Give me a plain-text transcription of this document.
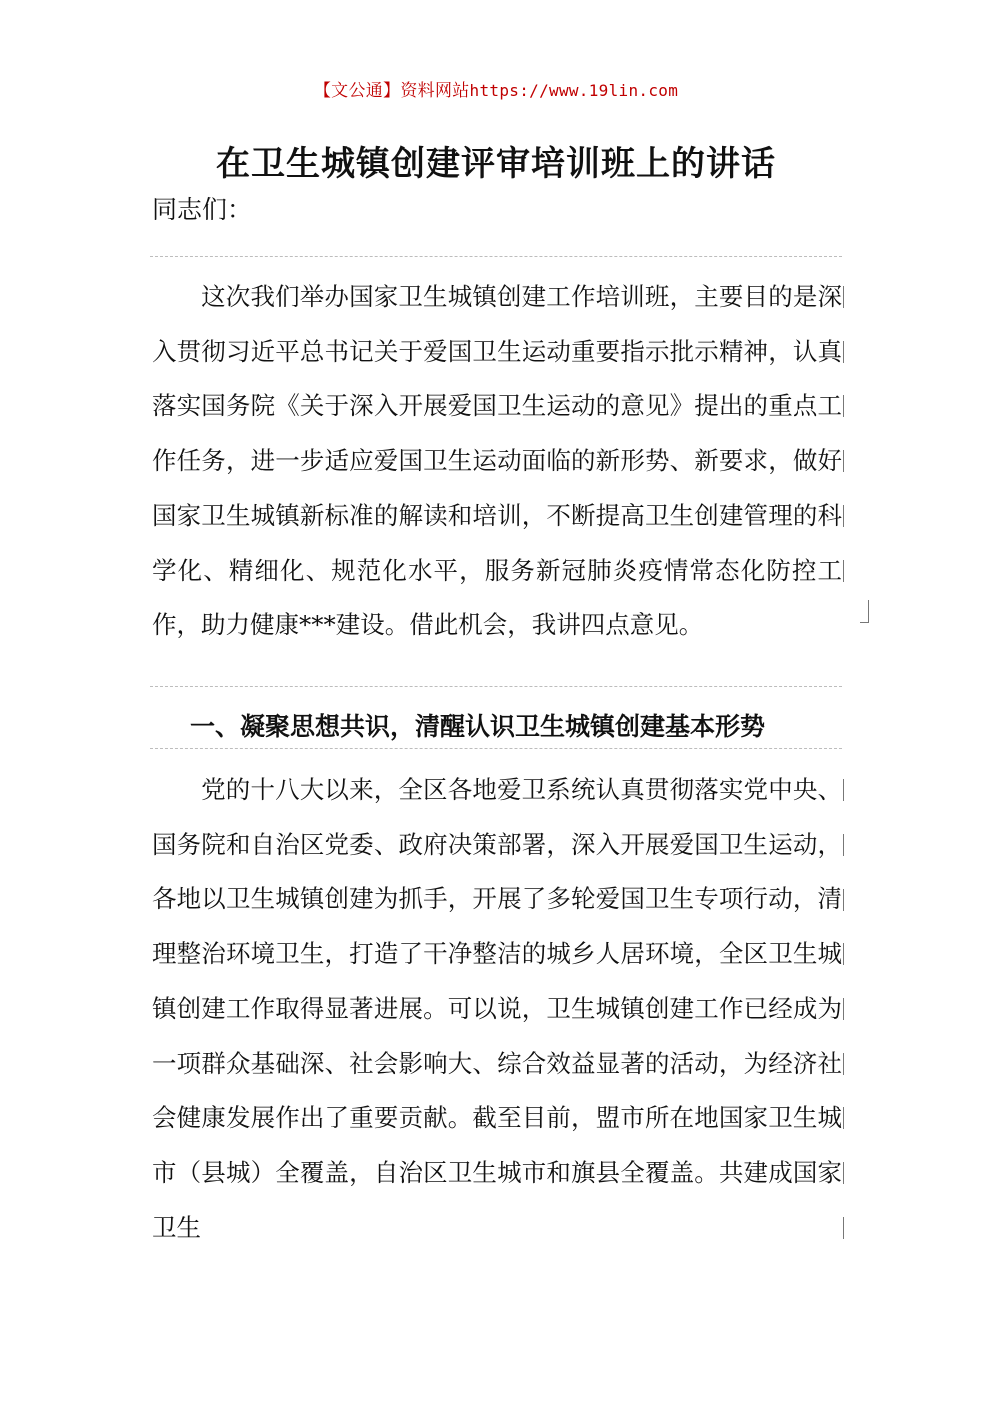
【文公通】资料网站https://www.19lin.com
在卫生城镇创建评审培训班上的讲话
同志们：
这次我们举办国家卫生城镇创建工作培训班，主要目的是深入贯彻习近平总书记关于爱国卫生运动重要指示批示精神，认真落实国务院《关于深入开展爱国卫生运动的意见》提出的重点工作任务，进一步适应爱国卫生运动面临的新形势、新要求，做好国家卫生城镇新标准的解读和培训，不断提高卫生创建管理的科学化、精细化、规范化水平，服务新冠肺炎疫情常态化防控工作，助力健康***建设。借此机会，我讲四点意见。
一、凝聚思想共识，清醒认识卫生城镇创建基本形势
党的十八大以来，全区各地爱卫系统认真贯彻落实党中央、国务院和自治区党委、政府决策部署，深入开展爱国卫生运动，各地以卫生城镇创建为抓手，开展了多轮爱国卫生专项行动，清理整治环境卫生，打造了干净整洁的城乡人居环境，全区卫生城镇创建工作取得显著进展。可以说，卫生城镇创建工作已经成为一项群众基础深、社会影响大、综合效益显著的活动，为经济社会健康发展作出了重要贡献。截至目前，盟市所在地国家卫生城市（县城）全覆盖，自治区卫生城市和旗县全覆盖。共建成国家卫生
